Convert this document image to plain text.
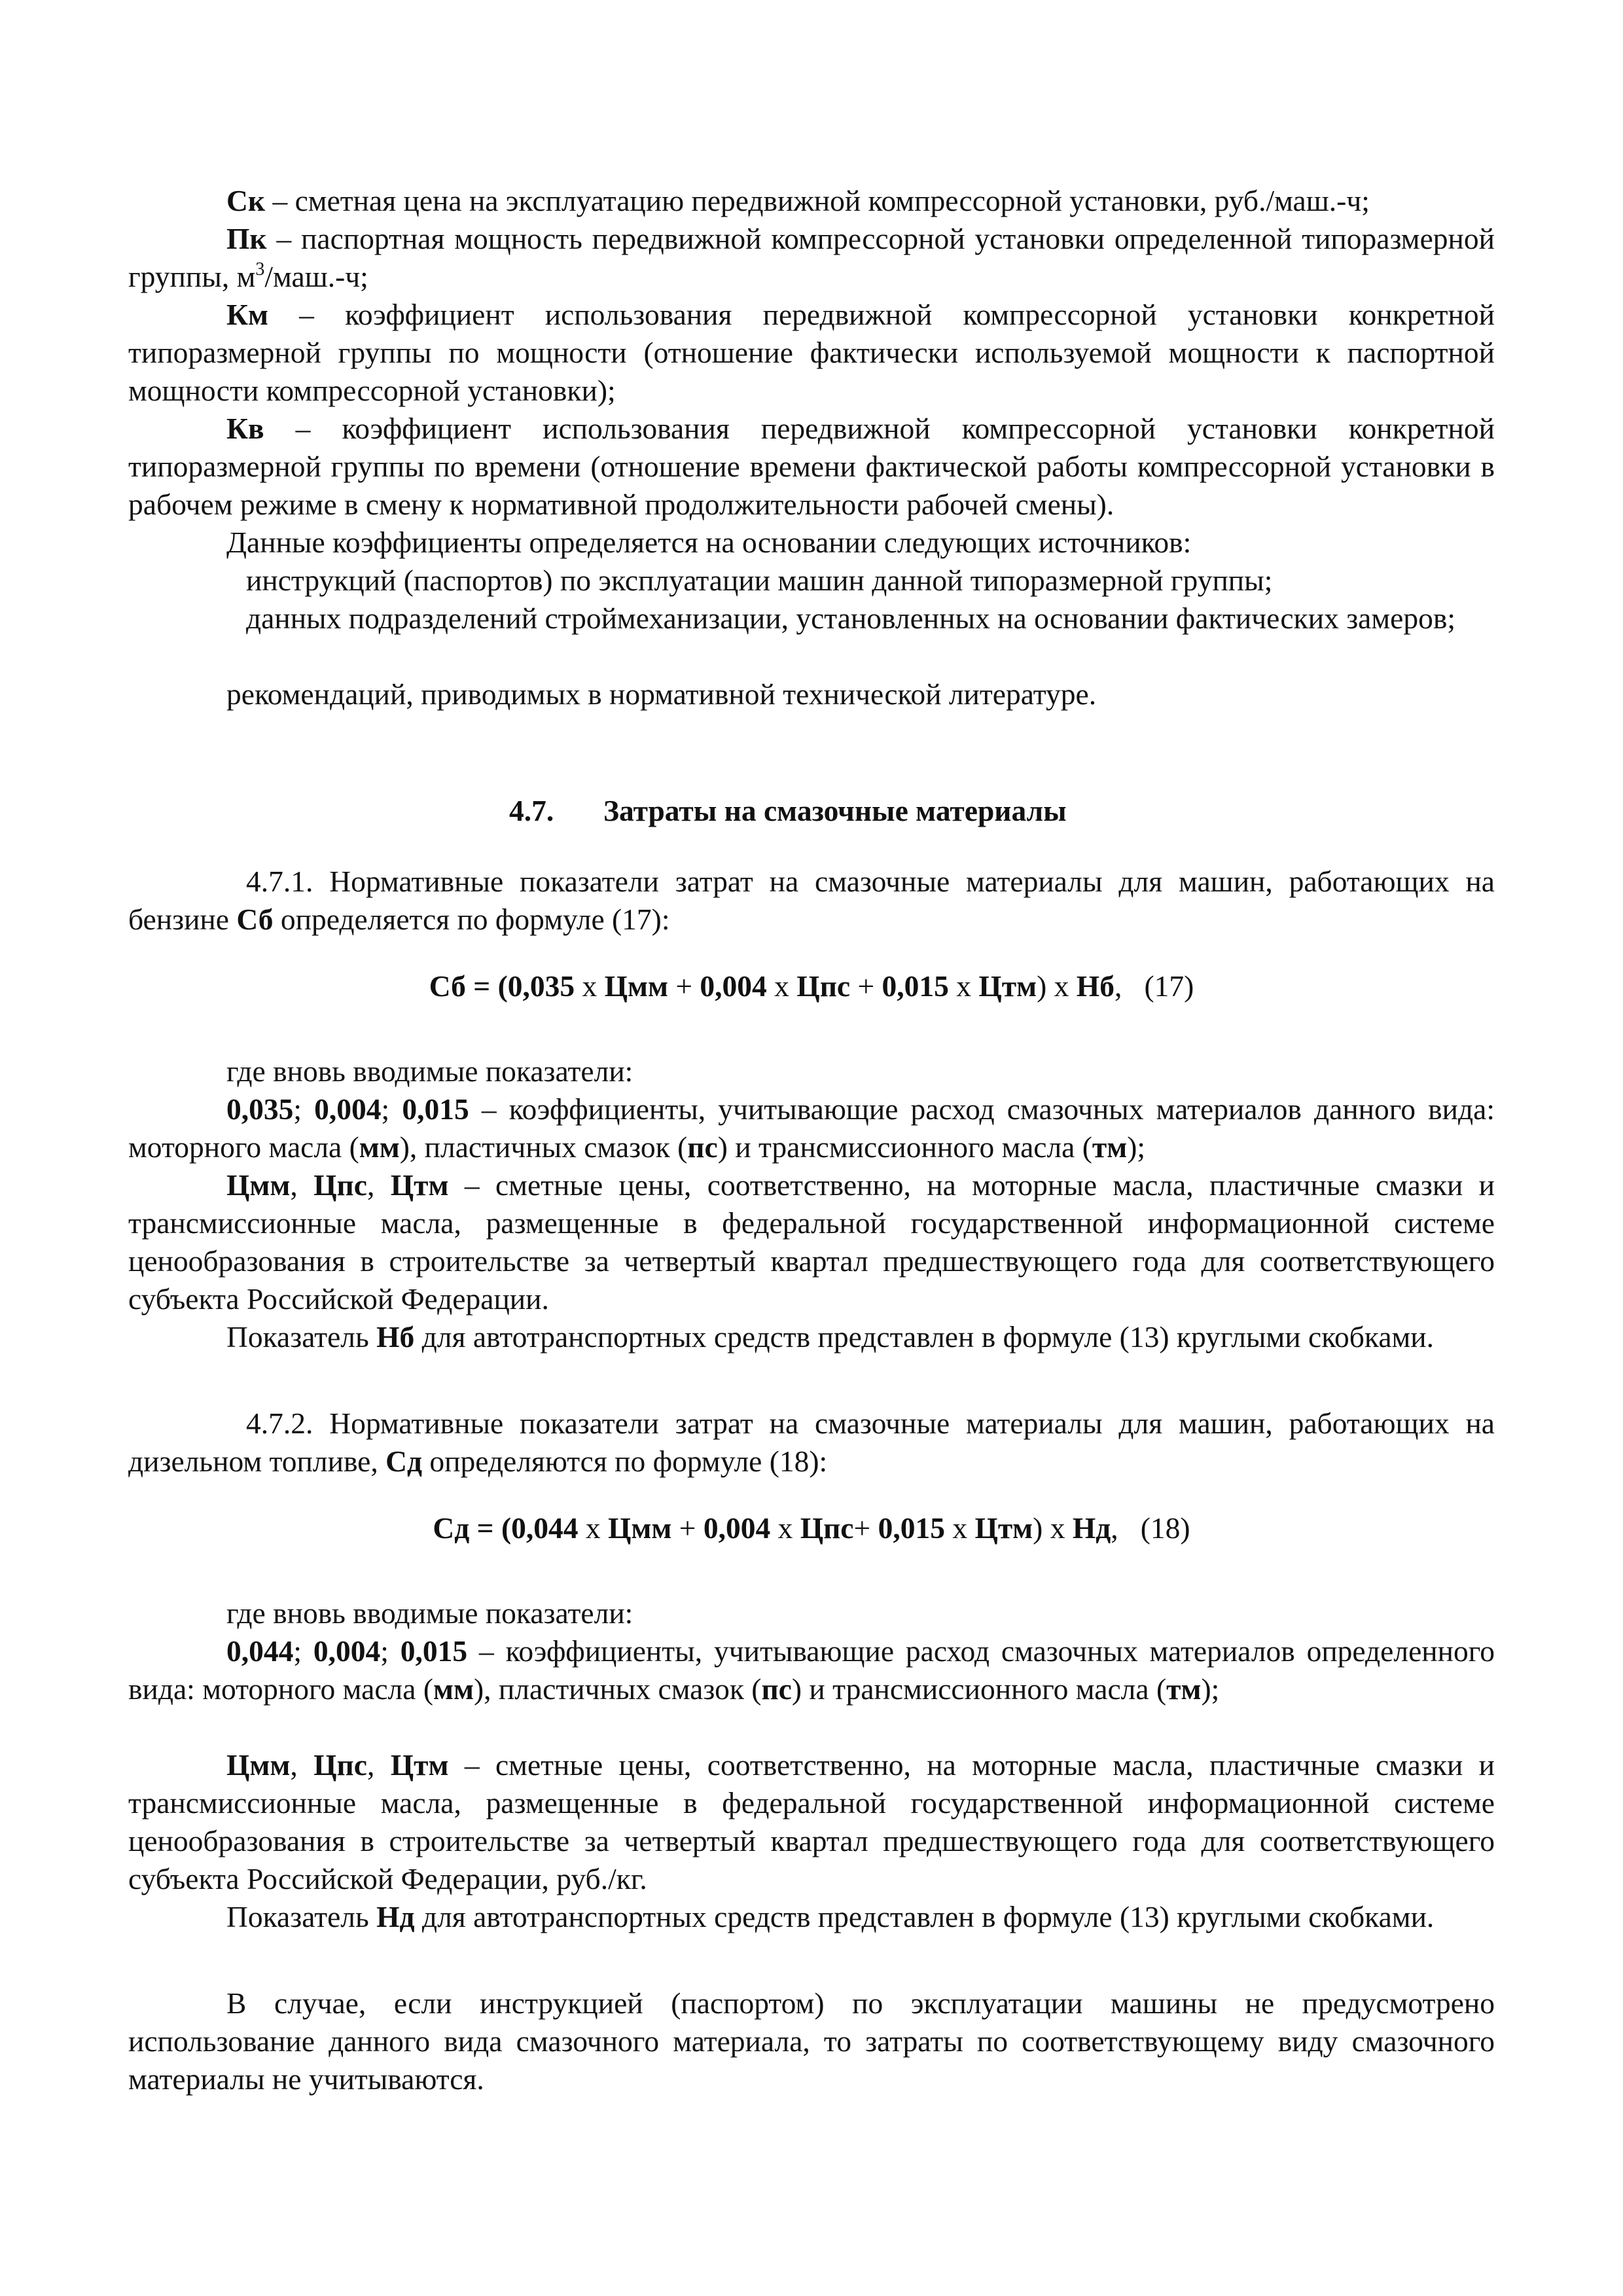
Ск – сметная цена на эксплуатацию передвижной компрессорной установки, руб./маш.-ч;

Пк – паспортная мощность передвижной компрессорной установки определенной типоразмерной группы, $м^3/маш.-ч$;

Км – коэффициент использования передвижной компрессорной установки конкретной типоразмерной группы по мощности (отношение фактически используемой мощности к паспортной мощности компрессорной установки);

Кв – коэффициент использования передвижной компрессорной установки конкретной типоразмерной группы по времени (отношение времени фактической работы компрессорной установки в рабочем режиме в смену к нормативной продолжительности рабочей смены).

Данные коэффициенты определяется на основании следующих источников:

инструкций (паспортов) по эксплуатации машин данной типоразмерной группы;

данных подразделений строймеханизации, установленных на основании фактических замеров;

рекомендаций, приводимых в нормативной технической литературе.

4.7. Затраты на смазочные материалы

4.7.1. Нормативные показатели затрат на смазочные материалы для машин, работающих на бензине Сб определяется по формуле (17):

Сб = (0,035 х Цмм + 0,004 х Цпс + 0,015 х Цтм) х Нб, (17)

где вновь вводимые показатели:

0,035; 0,004; 0,015 – коэффициенты, учитывающие расход смазочных материалов данного вида: моторного масла (мм), пластичных смазок (пс) и трансмиссионного масла (тм);

Цмм, Цпс, Цтм – сметные цены, соответственно, на моторные масла, пластичные смазки и трансмиссионные масла, размещенные в федеральной государственной информационной системе ценообразования в строительстве за четвертый квартал предшествующего года для соответствующего субъекта Российской Федерации.

Показатель Нб для автотранспортных средств представлен в формуле (13) круглыми скобками.

4.7.2. Нормативные показатели затрат на смазочные материалы для машин, работающих на дизельном топливе, Сд определяются по формуле (18):

Сд = (0,044 х Цмм + 0,004 х Цпс+ 0,015 х Цтм) х Нд, (18)

где вновь вводимые показатели:

0,044; 0,004; 0,015 – коэффициенты, учитывающие расход смазочных материалов определенного вида: моторного масла (мм), пластичных смазок (пс) и трансмиссионного масла (тм);

Цмм, Цпс, Цтм – сметные цены, соответственно, на моторные масла, пластичные смазки и трансмиссионные масла, размещенные в федеральной государственной информационной системе ценообразования в строительстве за четвертый квартал предшествующего года для соответствующего субъекта Российской Федерации, руб./кг.

Показатель Нд для автотранспортных средств представлен в формуле (13) круглыми скобками.

В случае, если инструкцией (паспортом) по эксплуатации машины не предусмотрено использование данного вида смазочного материала, то затраты по соответствующему виду смазочного материалы не учитываются.
